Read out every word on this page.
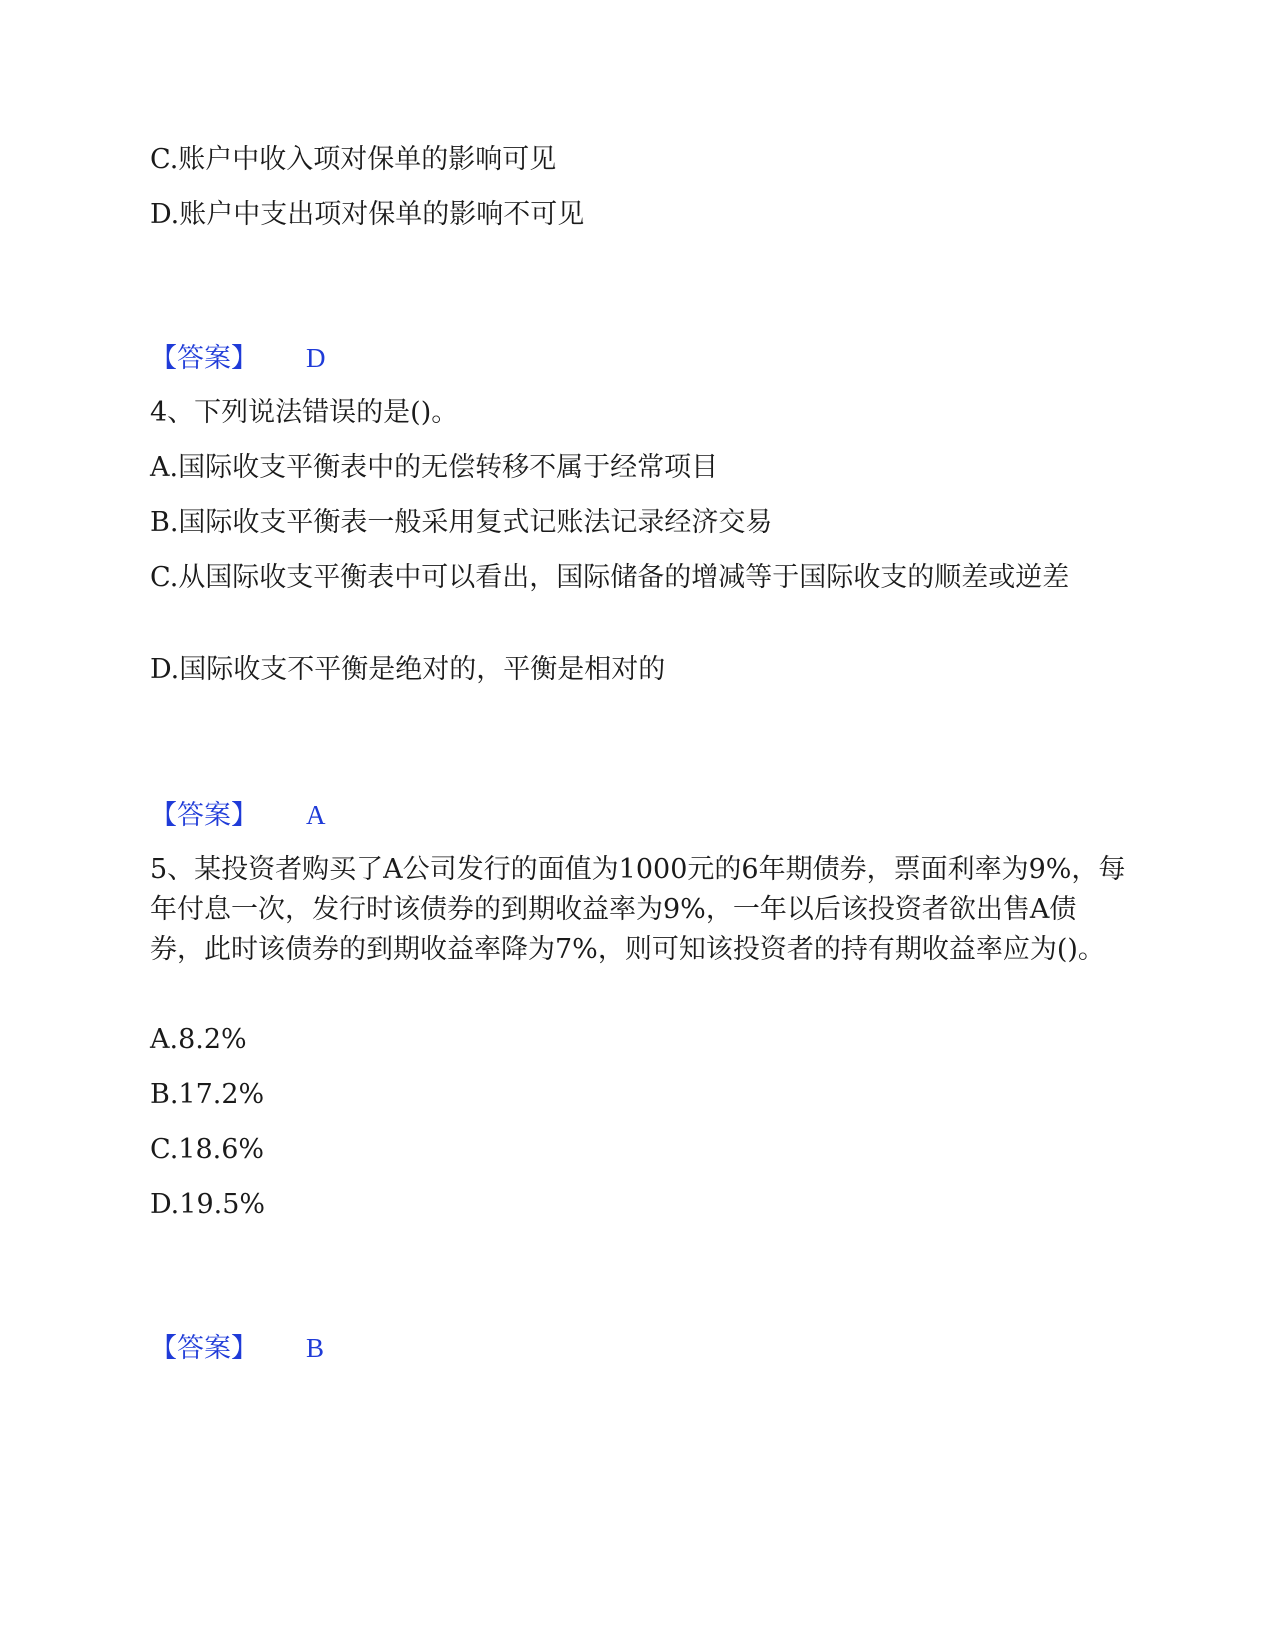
C.账户中收入项对保单的影响可见
D.账户中支出项对保单的影响不可见
【答案】 D
4、下列说法错误的是()。
A.国际收支平衡表中的无偿转移不属于经常项目
B.国际收支平衡表一般采用复式记账法记录经济交易
C.从国际收支平衡表中可以看出，国际储备的增减等于国际收支的顺差或逆差
D.国际收支不平衡是绝对的，平衡是相对的
【答案】 A
5、某投资者购买了A公司发行的面值为1000元的6年期债券，票面利率为9%，每年付息一次，发行时该债券的到期收益率为9%，一年以后该投资者欲出售A债券，此时该债券的到期收益率降为7%，则可知该投资者的持有期收益率应为()。
A.8.2%
B.17.2%
C.18.6%
D.19.5%
【答案】 B
